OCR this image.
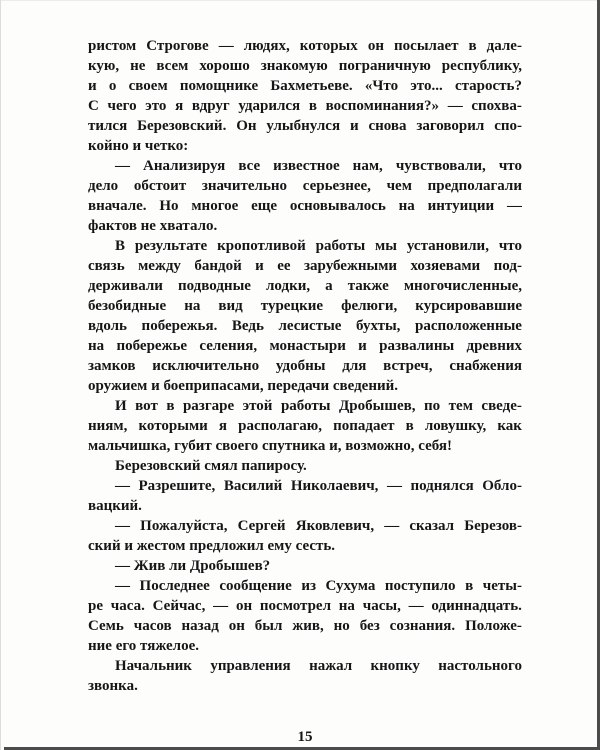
ристом Строгове — людях, которых он посылает в дале-
кую, не всем хорошо знакомую пограничную республику,
и о своем помощнике Бахметьеве. «Что это... старость?
С чего это я вдруг ударился в воспоминания?» — спохва-
тился Березовский. Он улыбнулся и снова заговорил спо-
койно и четко:
— Анализируя все известное нам, чувствовали, что
дело обстоит значительно серьезнее, чем предполагали
вначале. Но многое еще основывалось на интуиции —
фактов не хватало.
В результате кропотливой работы мы установили, что
связь между бандой и ее зарубежными хозяевами под-
держивали подводные лодки, а также многочисленные,
безобидные на вид турецкие фелюги, курсировавшие
вдоль побережья. Ведь лесистые бухты, расположенные
на побережье селения, монастыри и развалины древних
замков исключительно удобны для встреч, снабжения
оружием и боеприпасами, передачи сведений.
И вот в разгаре этой работы Дробышев, по тем сведе-
ниям, которыми я располагаю, попадает в ловушку, как
мальчишка, губит своего спутника и, возможно, себя!
Березовский смял папиросу.
— Разрешите, Василий Николаевич, — поднялся Обло-
вацкий.
— Пожалуйста, Сергей Яковлевич, — сказал Березов-
ский и жестом предложил ему сесть.
— Жив ли Дробышев?
— Последнее сообщение из Сухума поступило в четы-
ре часа. Сейчас, — он посмотрел на часы, — одиннадцать.
Семь часов назад он был жив, но без сознания. Положе-
ние его тяжелое.
Начальник управления нажал кнопку настольного
звонка.
15
